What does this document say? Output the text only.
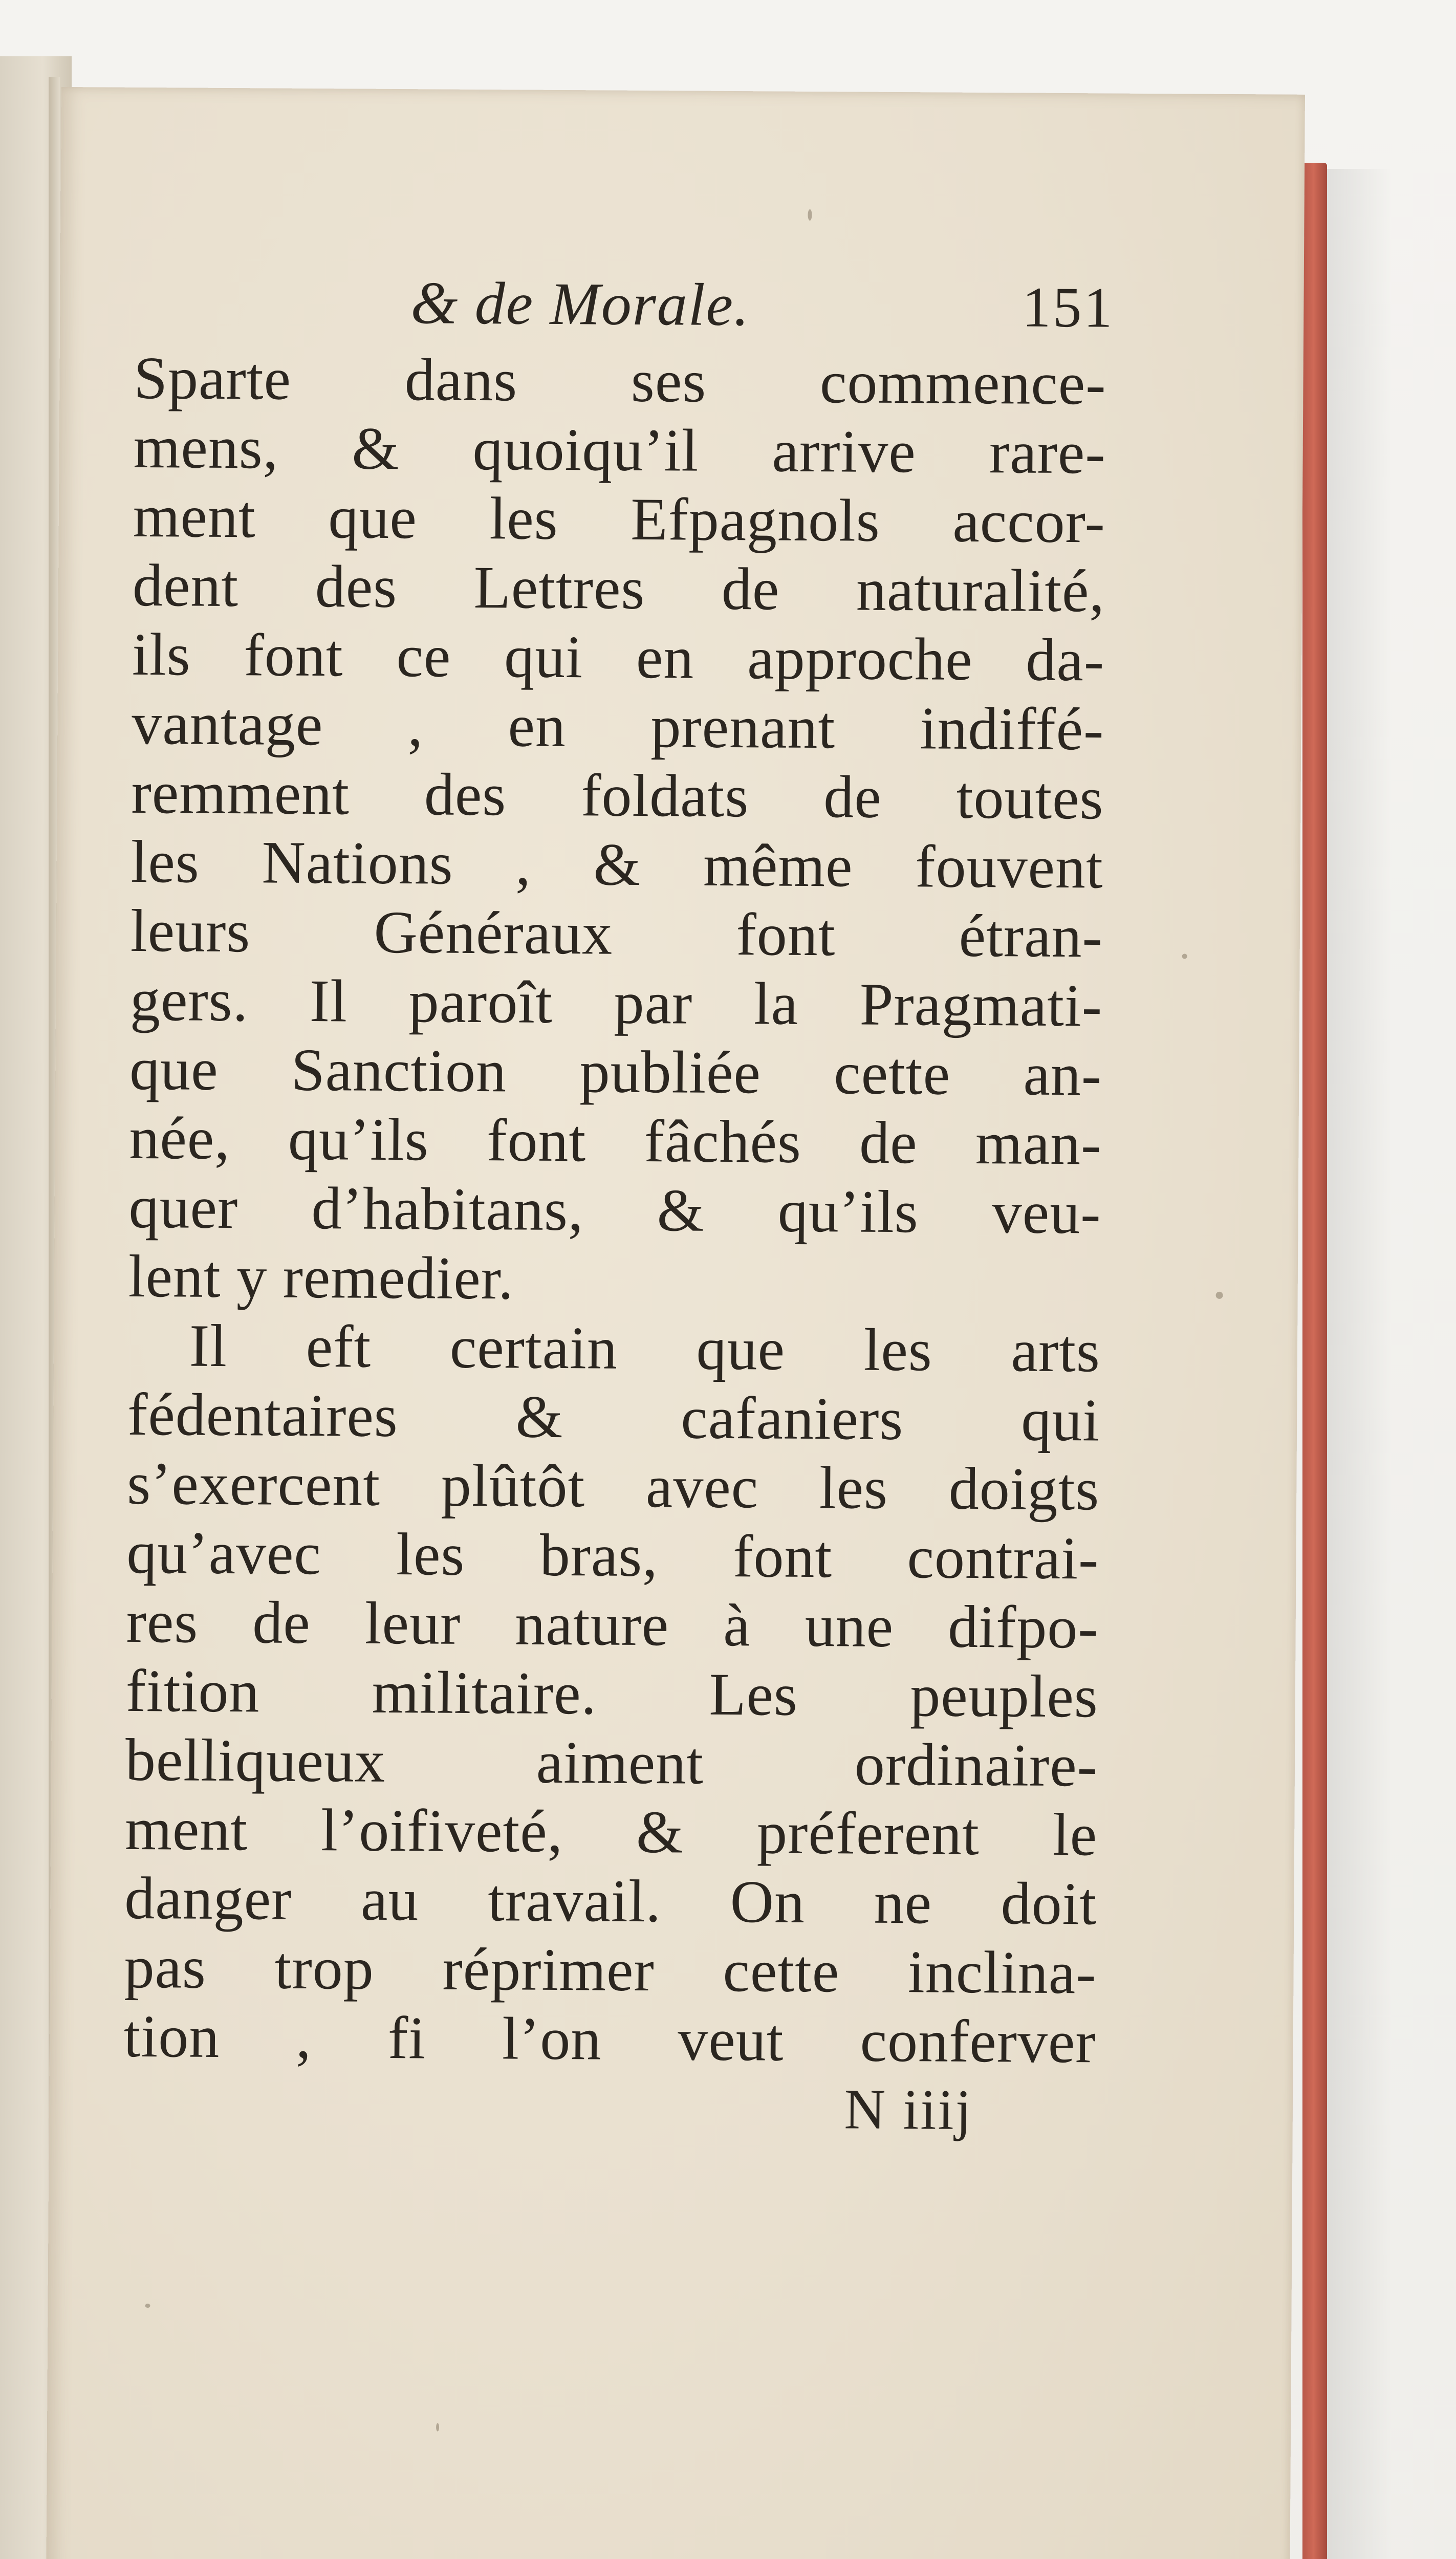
& de Morale.	151
Sparte dans ses commence-
mens, & quoiqu’il arrive rare-
ment que les Efpagnols accor-
dent des Lettres de naturalité,
ils font ce qui en approche da-
vantage , en prenant indiffé-
remment des foldats de toutes
les Nations , & même fouvent
leurs Généraux font étran-
gers. Il paroît par la Pragmati-
que Sanction publiée cette an-
née, qu’ils font fâchés de man-
quer d’habitans, & qu’ils veu-
lent y remedier.
Il eft certain que les arts
fédentaires & cafaniers qui
s’exercent plûtôt avec les doigts
qu’avec les bras, font contrai-
res de leur nature à une difpo-
fition militaire. Les peuples
belliqueux aiment ordinaire-
ment l’oifiveté, & préferent le
danger au travail. On ne doit
pas trop réprimer cette inclina-
tion , fi l’on veut conferver
N iiij
